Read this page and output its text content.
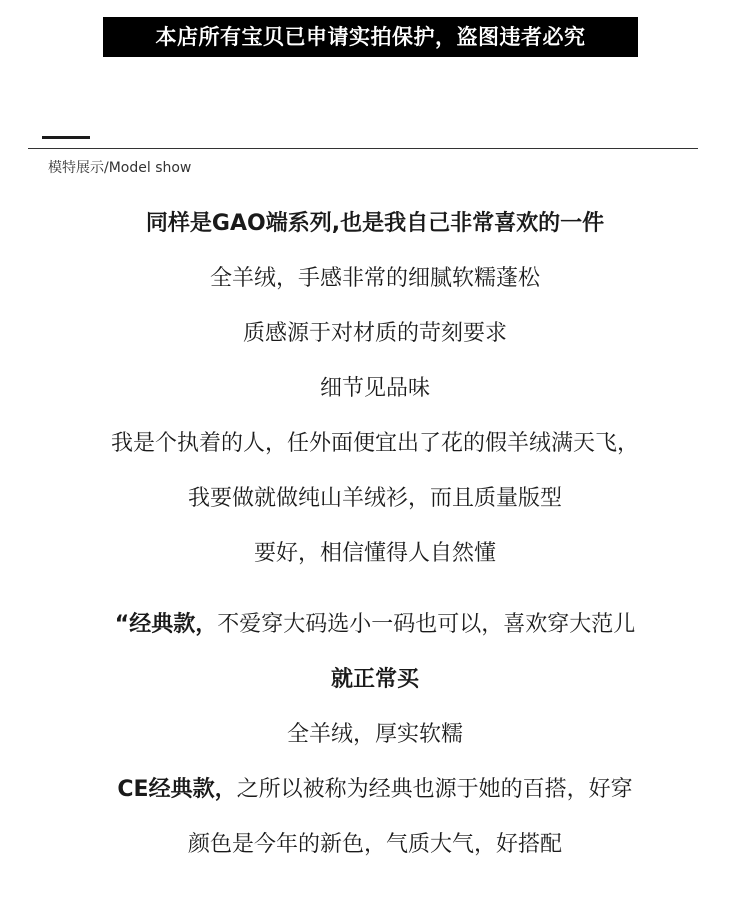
本店所有宝贝已申请实拍保护，盗图违者必究
模特展示/Model show
同样是GAO端系列,也是我自己非常喜欢的一件
全羊绒，手感非常的细腻软糯蓬松
质感源于对材质的苛刻要求
细节见品味
我是个执着的人，任外面便宜出了花的假羊绒满天飞，
我要做就做纯山羊绒衫，而且质量版型
要好，相信懂得人自然懂
“经典款，不爱穿大码选小一码也可以，喜欢穿大范儿
就正常买
全羊绒，厚实软糯
CE经典款，之所以被称为经典也源于她的百搭，好穿
颜色是今年的新色，气质大气，好搭配
